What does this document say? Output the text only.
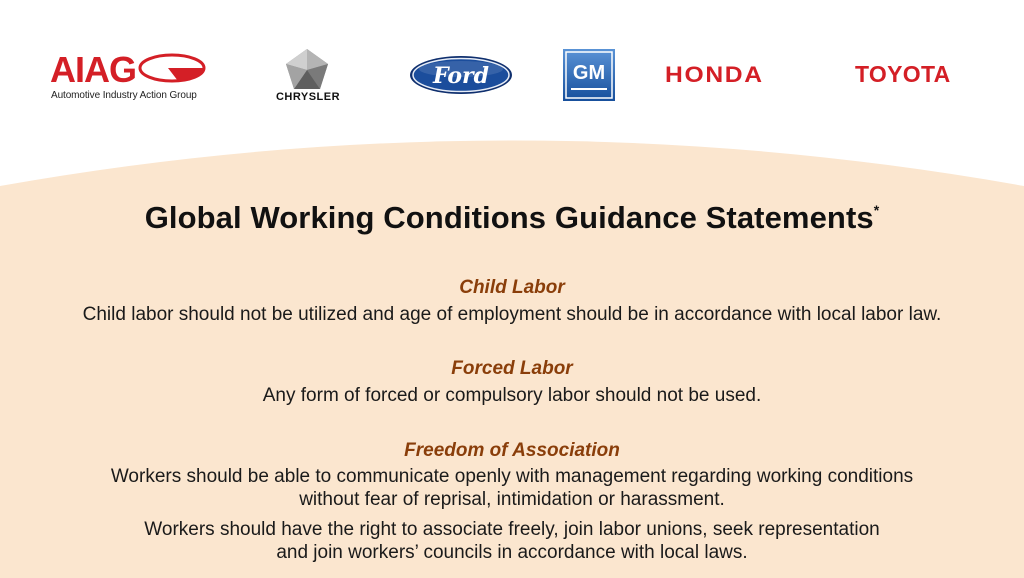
AIAG
Automotive Industry Action Group	CHRYSLER
Ford	GM	HONDA	TOYOTA
Global Working Conditions Guidance Statements*
Child Labor
Child labor should not be utilized and age of employment should be in accordance with local labor law.
Forced Labor
Any form of forced or compulsory labor should not be used.
Freedom of Association
Workers should be able to communicate openly with management regarding working conditions
without fear of reprisal, intimidation or harassment.
Workers should have the right to associate freely, join labor unions, seek representation
and join workers’ councils in accordance with local laws.
